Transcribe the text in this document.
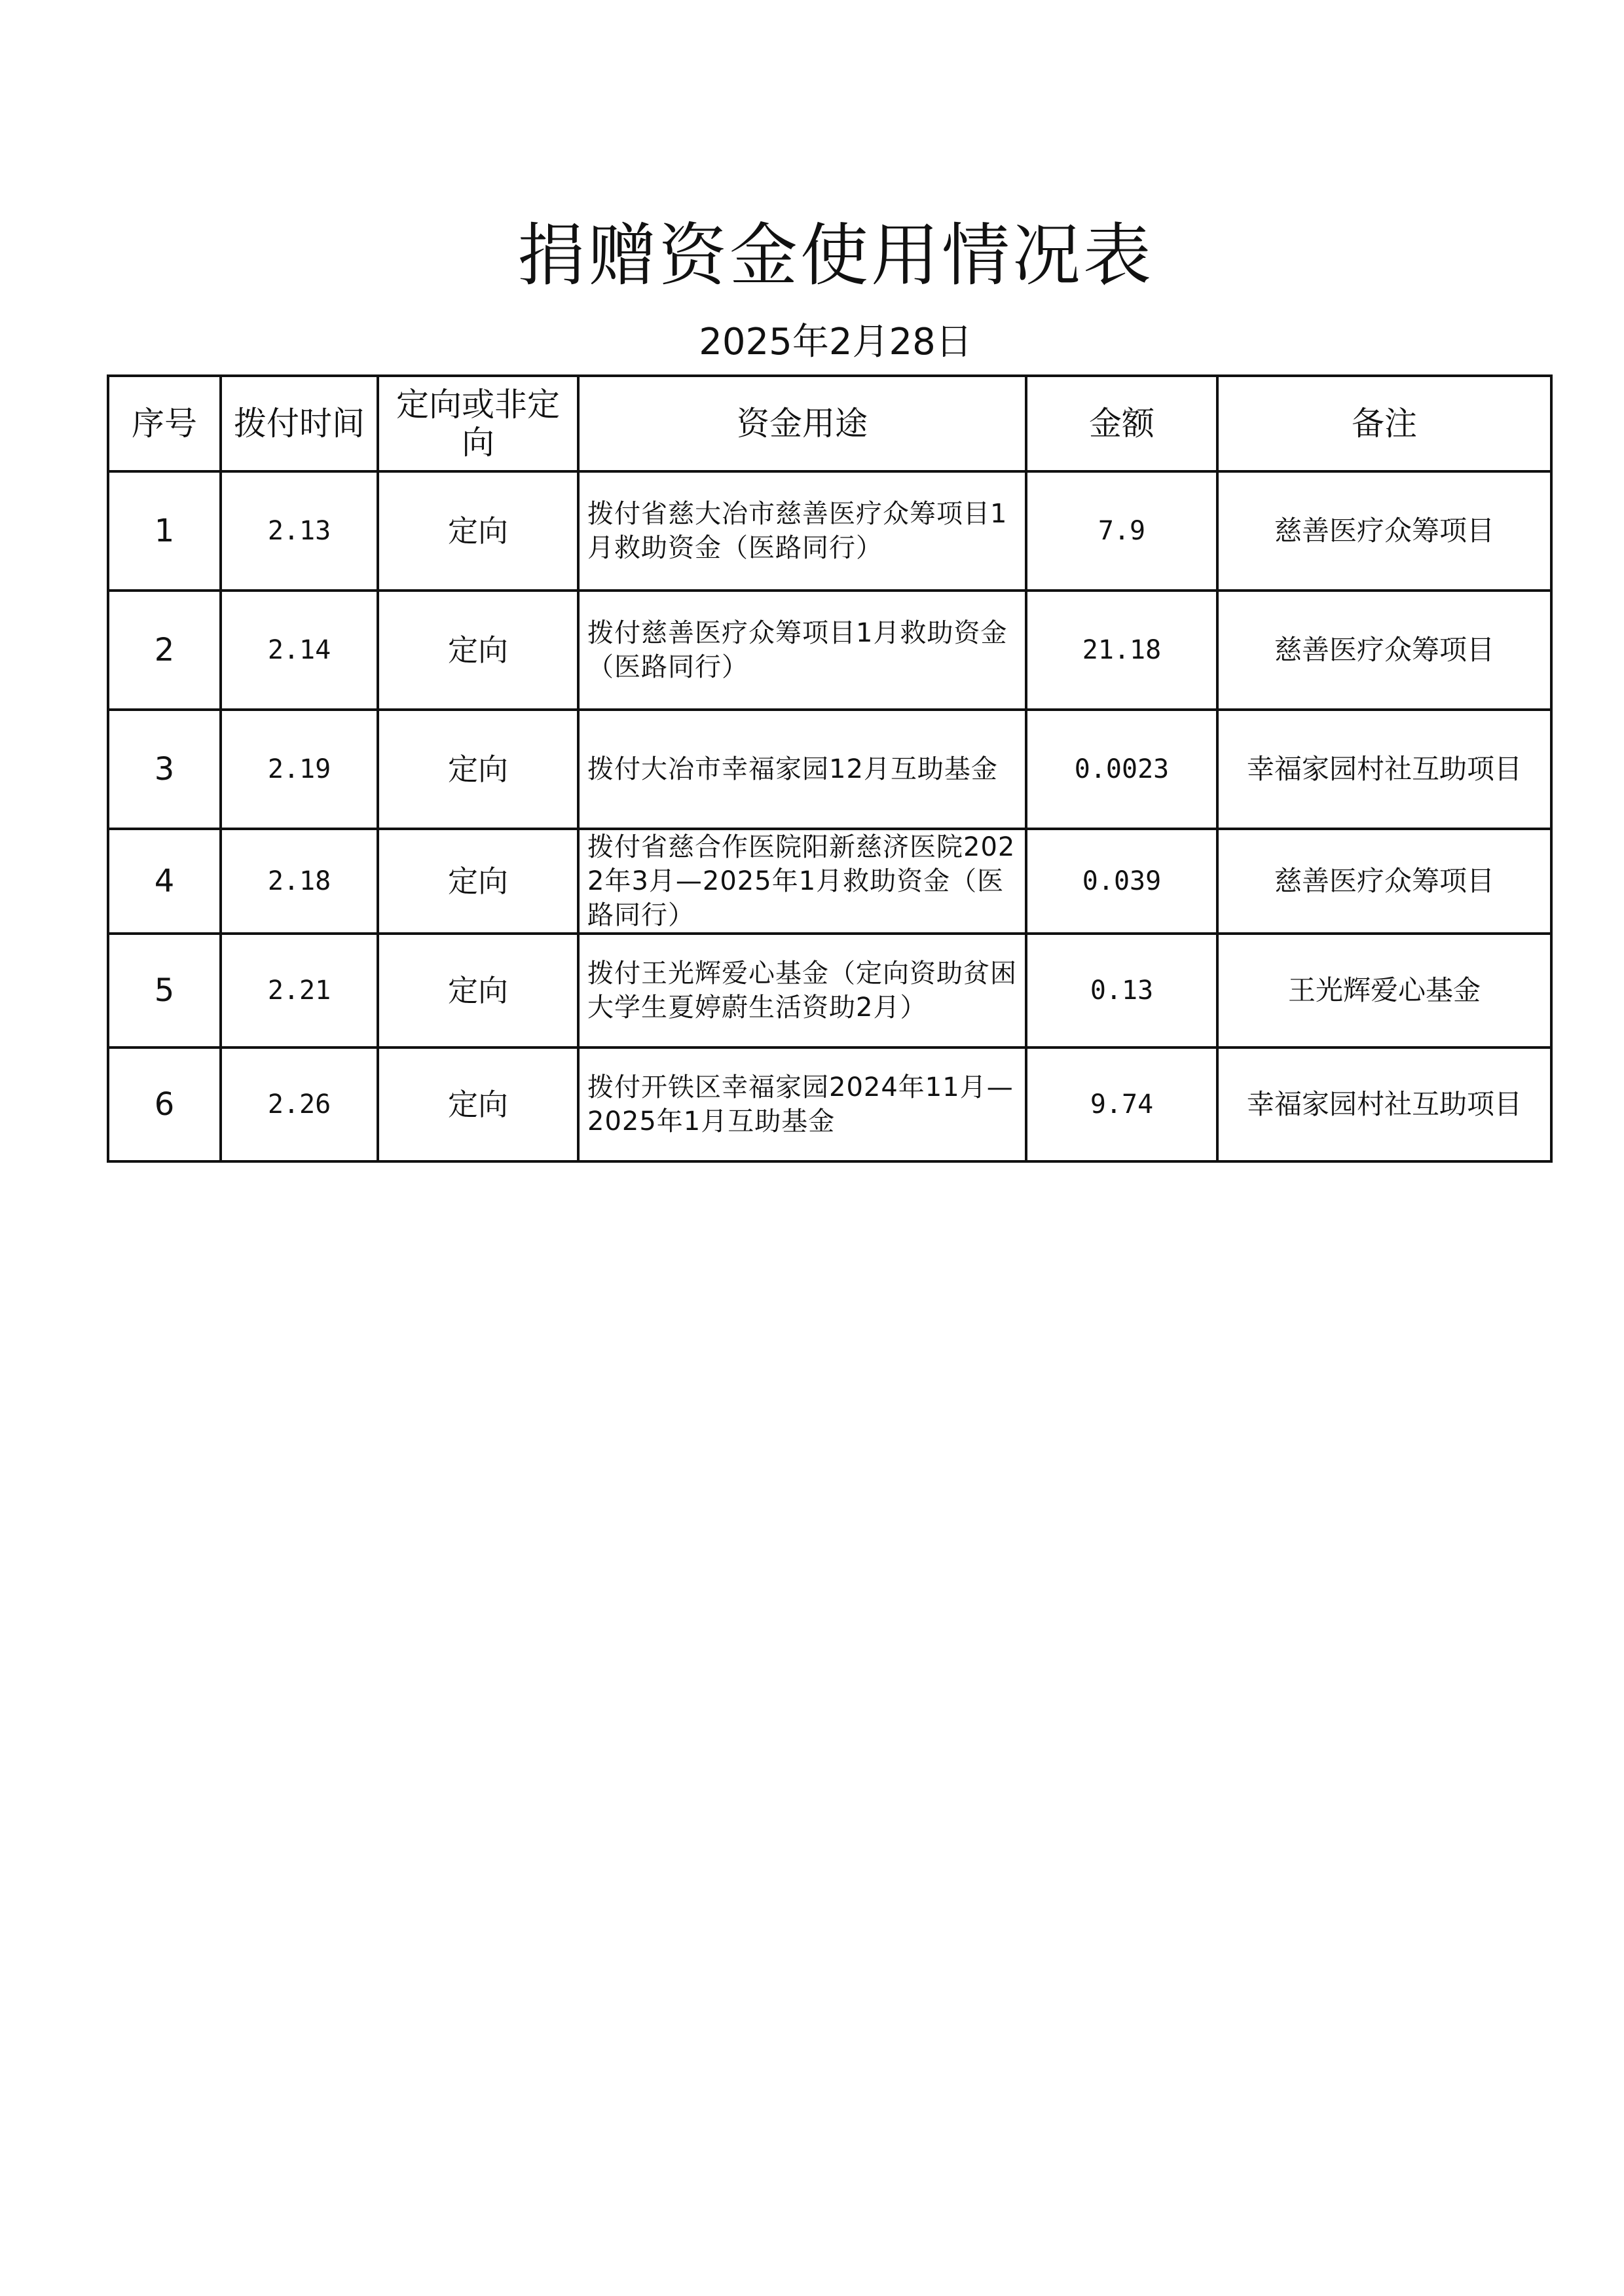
捐赠资金使用情况表
2025年2月28日
序号	拨付时间	定向或非定向	资金用途	金额	备注
1	2.13	定向	拨付省慈大冶市慈善医疗众筹项目1月救助资金（医路同行）	7.9	慈善医疗众筹项目
2	2.14	定向	拨付慈善医疗众筹项目1月救助资金（医路同行）	21.18	慈善医疗众筹项目
3	2.19	定向	拨付大冶市幸福家园12月互助基金	0.0023	幸福家园村社互助项目
4	2.18	定向	拨付省慈合作医院阳新慈济医院2022年3月—2025年1月救助资金（医路同行）	0.039	慈善医疗众筹项目
5	2.21	定向	拨付王光辉爱心基金（定向资助贫困大学生夏婷蔚生活资助2月）	0.13	王光辉爱心基金
6	2.26	定向	拨付开铁区幸福家园2024年11月—2025年1月互助基金	9.74	幸福家园村社互助项目
